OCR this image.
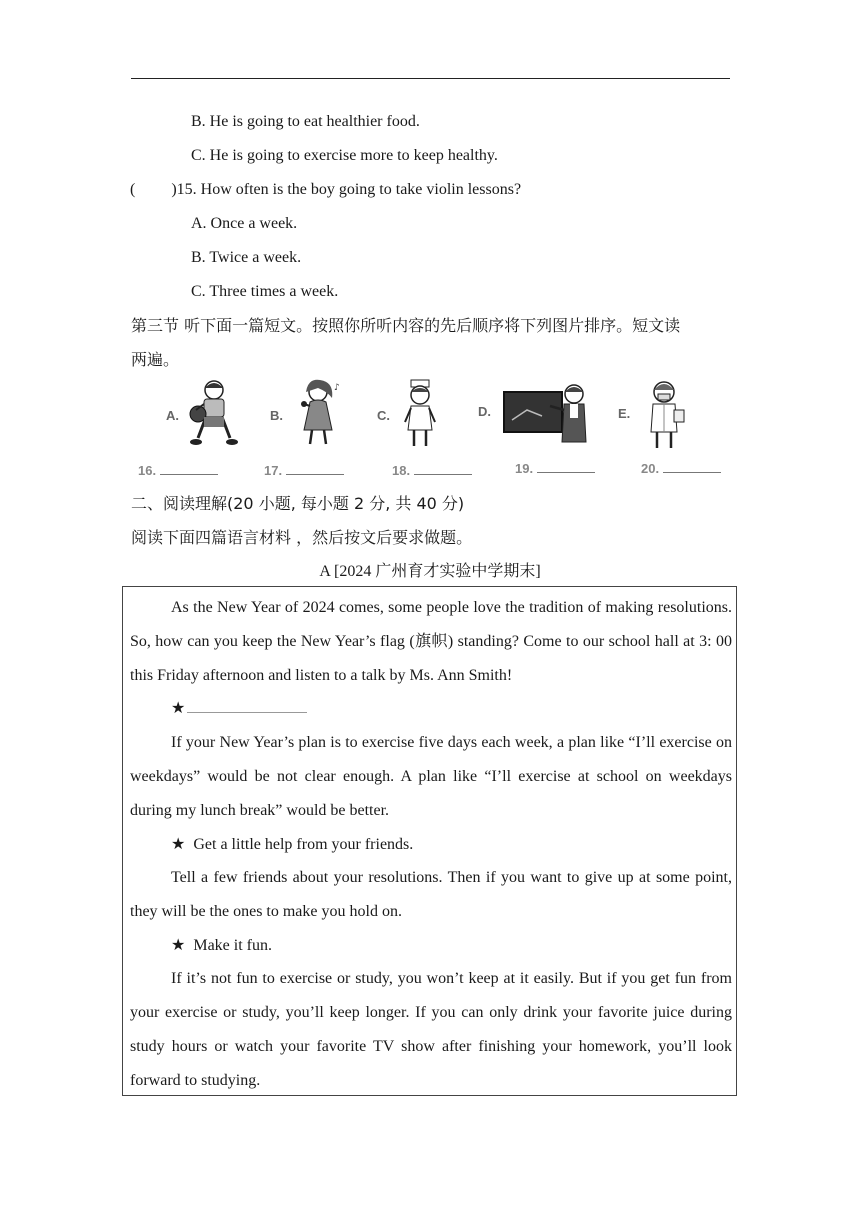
B. He is going to eat healthier food.
C. He is going to exercise more to keep healthy.
( )15. How often is the boy going to take violin lessons?
A. Once a week.
B. Twice a week.
C. Three times a week.
第三节 听下面一篇短文。按照你所听内容的先后顺序将下列图片排序。短文读
两遍。
A.	B.
♪
C.	D.	E.
16.	17.	18.	19.	20.
二、阅读理解(20 小题, 每小题 2 分, 共 40 分)
阅读下面四篇语言材料 ，然后按文后要求做题。
A [2024 广州育才实验中学期末]
As the New Year of 2024 comes, some people love the tradition of making resolutions. So, how can you keep the New Year’s flag (旗帜) standing? Come to our school hall at 3: 00 this Friday afternoon and listen to a talk by Ms. Ann Smith!
★
If your New Year’s plan is to exercise five days each week, a plan like “I’ll exercise on weekdays” would be not clear enough. A plan like “I’ll exercise at school on weekdays during my lunch break” would be better.
★ Get a little help from your friends.
Tell a few friends about your resolutions. Then if you want to give up at some point, they will be the ones to make you hold on.
★ Make it fun.
If it’s not fun to exercise or study, you won’t keep at it easily. But if you get fun from your exercise or study, you’ll keep longer. If you can only drink your favorite juice during study hours or watch your favorite TV show after finishing your homework, you’ll look forward to studying.
